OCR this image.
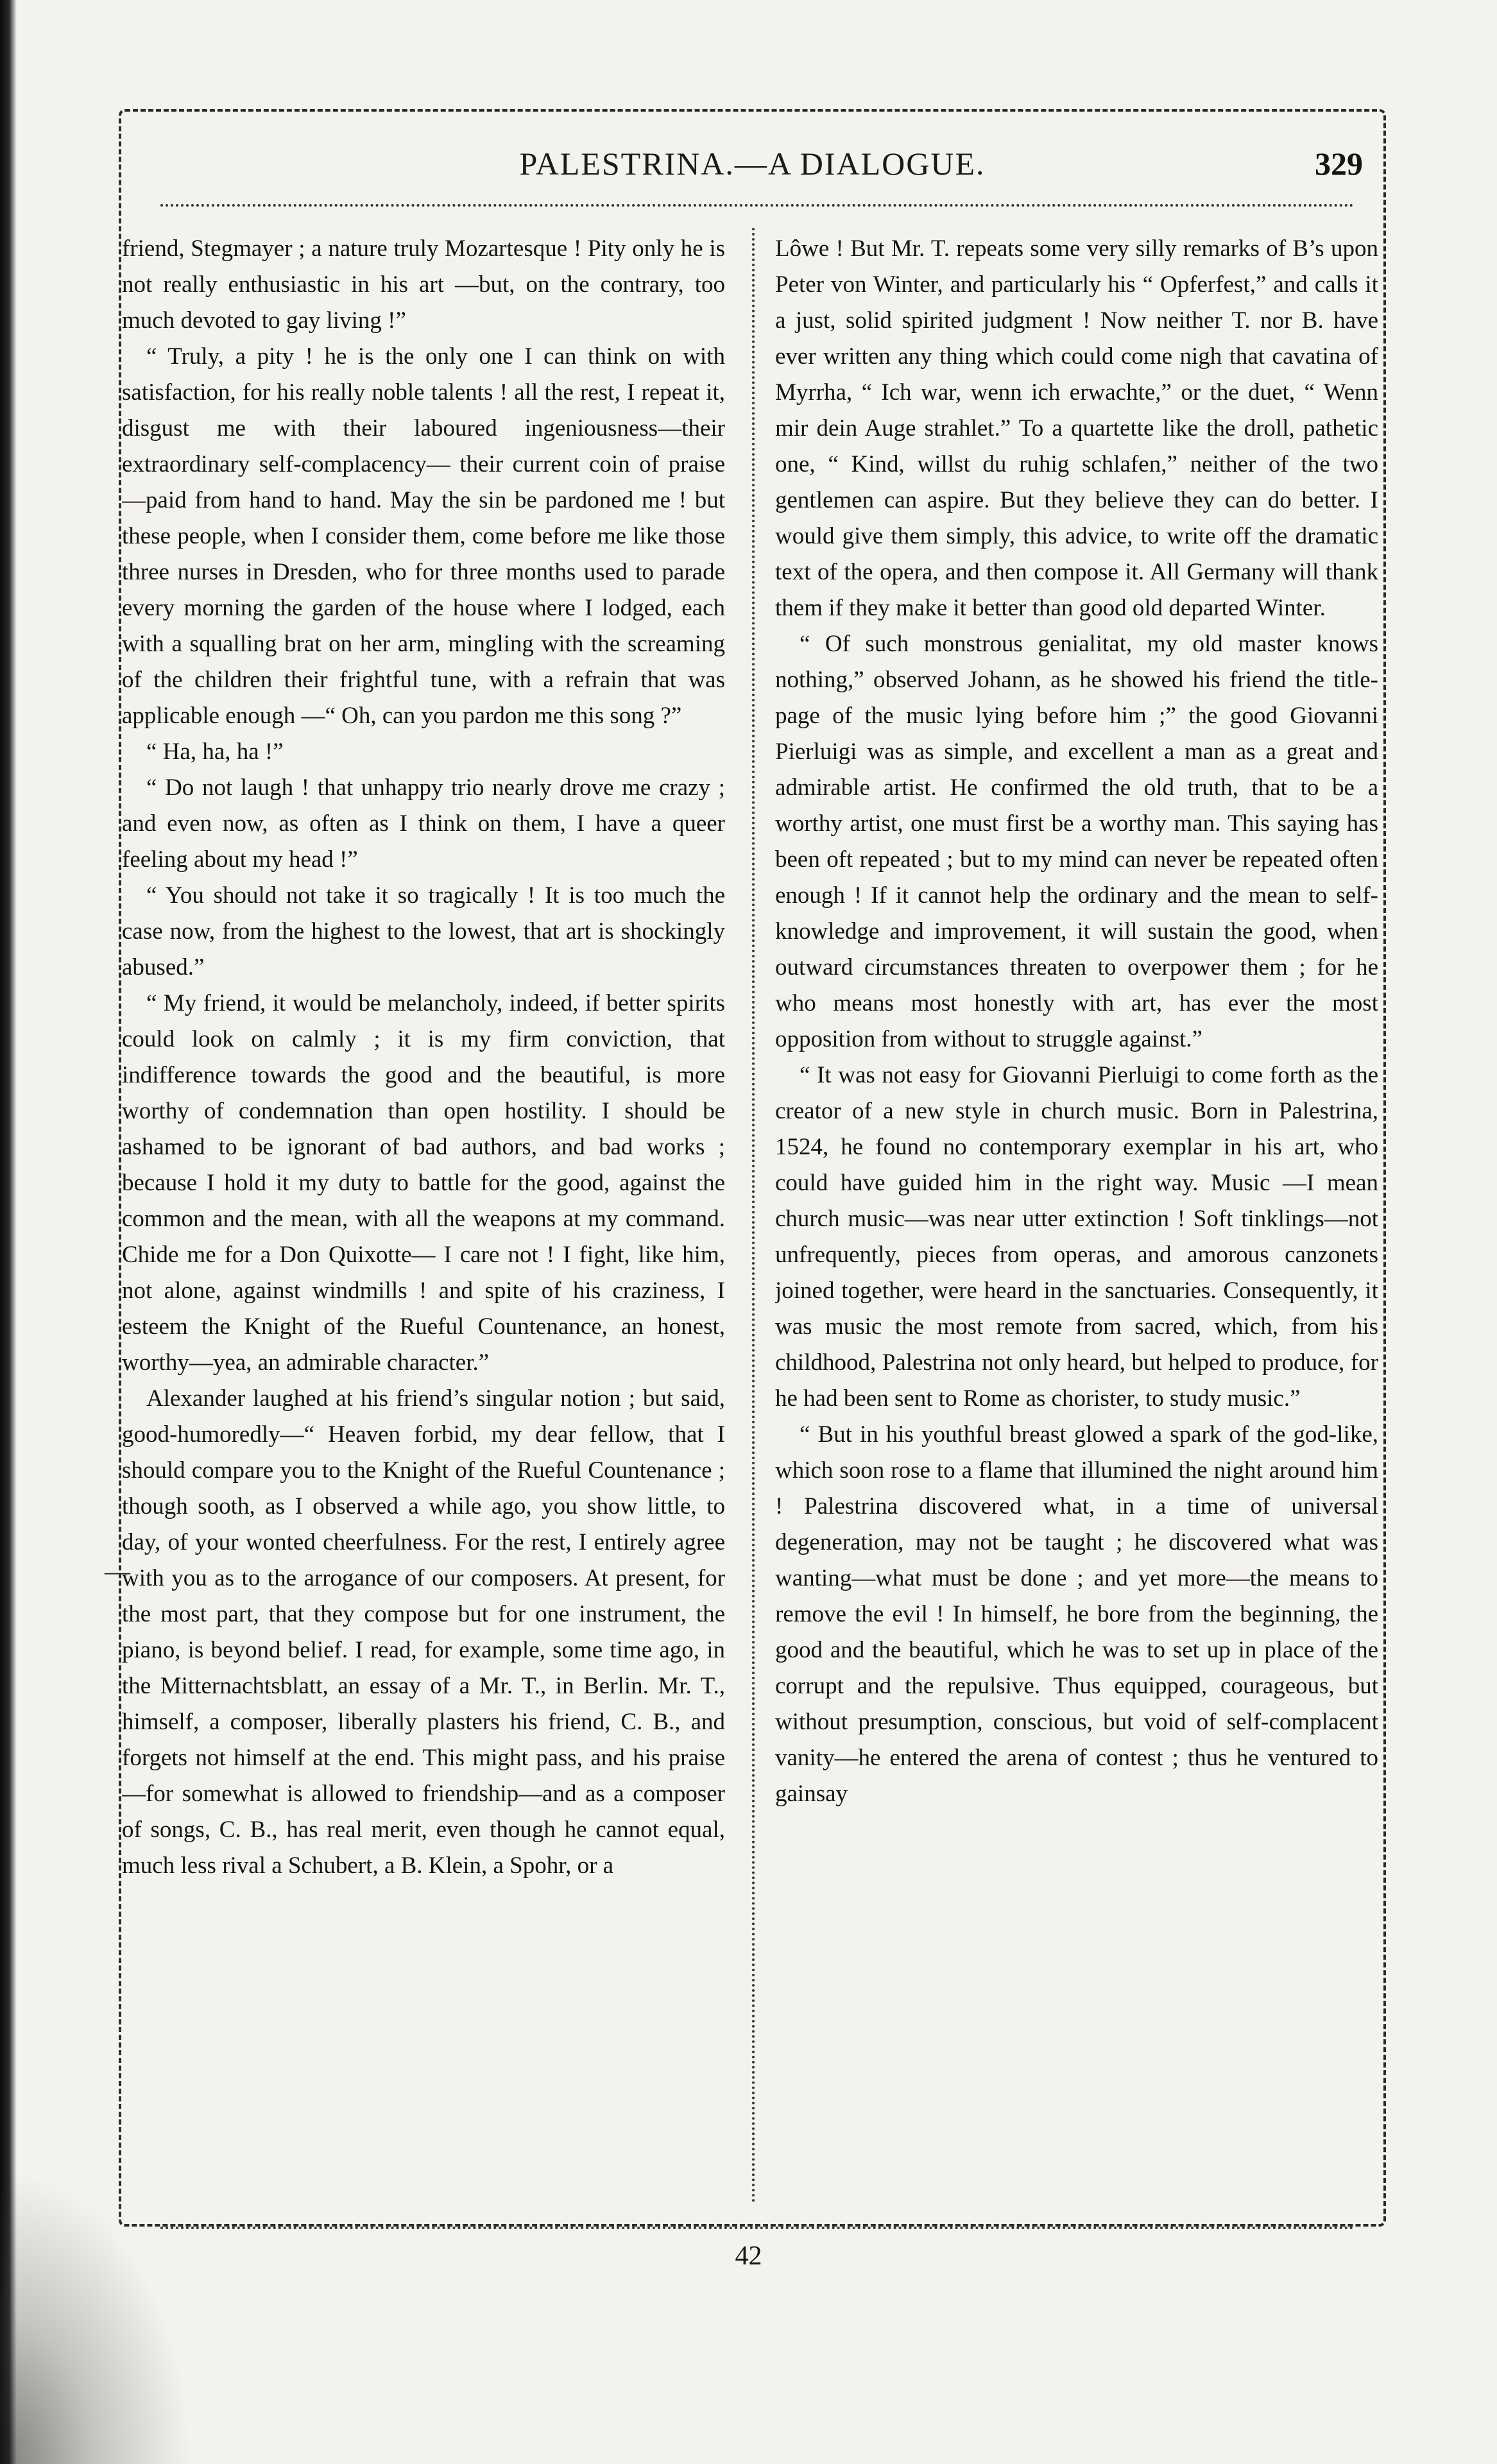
PALESTRINA.—A DIALOGUE.	329

friend, Stegmayer ; a nature truly Mozartesque ! Pity only he is not really enthusiastic in his art —but, on the contrary, too much devoted to gay living !”

“ Truly, a pity ! he is the only one I can think on with satisfaction, for his really noble talents ! all the rest, I repeat it, disgust me with their laboured ingeniousness—their extraordinary self-complacency— their current coin of praise—paid from hand to hand. May the sin be pardoned me ! but these people, when I consider them, come before me like those three nurses in Dresden, who for three months used to parade every morning the garden of the house where I lodged, each with a squalling brat on her arm, mingling with the screaming of the children their frightful tune, with a refrain that was applicable enough —“ Oh, can you pardon me this song ?”

“ Ha, ha, ha !”

“ Do not laugh ! that unhappy trio nearly drove me crazy ; and even now, as often as I think on them, I have a queer feeling about my head !”

“ You should not take it so tragically ! It is too much the case now, from the highest to the lowest, that art is shockingly abused.”

“ My friend, it would be melancholy, indeed, if better spirits could look on calmly ; it is my firm conviction, that indifference towards the good and the beautiful, is more worthy of condemnation than open hostility. I should be ashamed to be ignorant of bad authors, and bad works ; because I hold it my duty to battle for the good, against the common and the mean, with all the weapons at my command. Chide me for a Don Quixotte— I care not ! I fight, like him, not alone, against windmills ! and spite of his craziness, I esteem the Knight of the Rueful Countenance, an honest, worthy—yea, an admirable character.”

Alexander laughed at his friend’s singular notion ; but said, good-humoredly—“ Heaven forbid, my dear fellow, that I should compare you to the Knight of the Rueful Countenance ; though sooth, as I observed a while ago, you show little, to day, of your wonted cheerfulness. For the rest, I entirely agree with you as to the arrogance of our composers. At present, for the most part, that they compose but for one instrument, the piano, is beyond belief. I read, for example, some time ago, in the Mitternachtsblatt, an essay of a Mr. T., in Berlin. Mr. T., himself, a composer, liberally plasters his friend, C. B., and forgets not himself at the end. This might pass, and his praise—for somewhat is allowed to friendship—and as a composer of songs, C. B., has real merit, even though he cannot equal, much less rival a Schubert, a B. Klein, a Spohr, or a

Lôwe ! But Mr. T. repeats some very silly remarks of B’s upon Peter von Winter, and particularly his “ Opferfest,” and calls it a just, solid spirited judgment ! Now neither T. nor B. have ever written any thing which could come nigh that cavatina of Myrrha, “ Ich war, wenn ich erwachte,” or the duet, “ Wenn mir dein Auge strahlet.” To a quartette like the droll, pathetic one, “ Kind, willst du ruhig schlafen,” neither of the two gentlemen can aspire. But they believe they can do better. I would give them simply, this advice, to write off the dramatic text of the opera, and then compose it. All Germany will thank them if they make it better than good old departed Winter.

“ Of such monstrous genialitat, my old master knows nothing,” observed Johann, as he showed his friend the title-page of the music lying before him ;” the good Giovanni Pierluigi was as simple, and excellent a man as a great and admirable artist. He confirmed the old truth, that to be a worthy artist, one must first be a worthy man. This saying has been oft repeated ; but to my mind can never be repeated often enough ! If it cannot help the ordinary and the mean to self-knowledge and improvement, it will sustain the good, when outward circumstances threaten to overpower them ; for he who means most honestly with art, has ever the most opposition from without to struggle against.”

“ It was not easy for Giovanni Pierluigi to come forth as the creator of a new style in church music. Born in Palestrina, 1524, he found no contemporary exemplar in his art, who could have guided him in the right way. Music —I mean church music—was near utter extinction ! Soft tinklings—not unfrequently, pieces from operas, and amorous canzonets joined together, were heard in the sanctuaries. Consequently, it was music the most remote from sacred, which, from his childhood, Palestrina not only heard, but helped to produce, for he had been sent to Rome as chorister, to study music.”

“ But in his youthful breast glowed a spark of the god-like, which soon rose to a flame that illumined the night around him ! Palestrina discovered what, in a time of universal degeneration, may not be taught ; he discovered what was wanting—what must be done ; and yet more—the means to remove the evil ! In himself, he bore from the beginning, the good and the beautiful, which he was to set up in place of the corrupt and the repulsive. Thus equipped, courageous, but without presumption, conscious, but void of self-complacent vanity—he entered the arena of contest ; thus he ventured to gainsay

—
42
